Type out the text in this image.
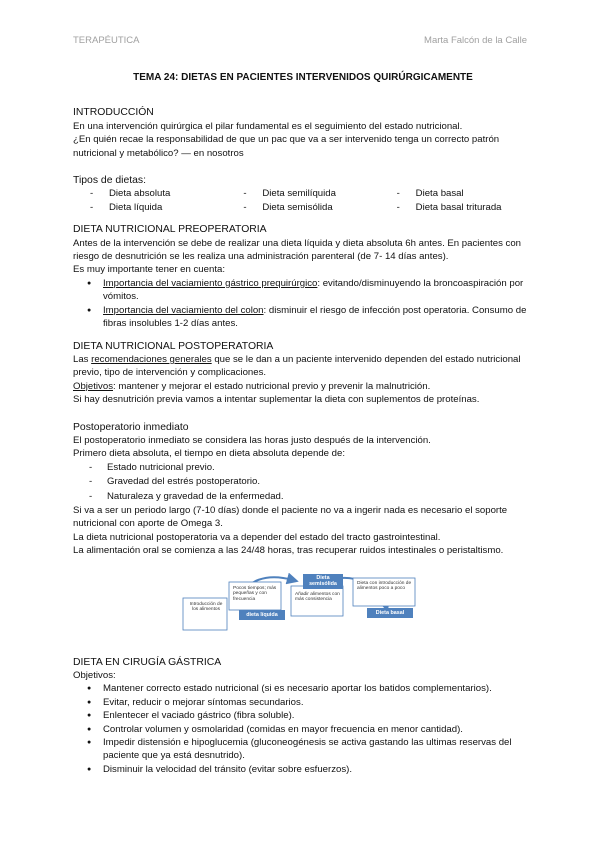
TERAPÉUTICA	Marta Falcón de la Calle

TEMA 24: DIETAS EN PACIENTES INTERVENIDOS QUIRÚRGICAMENTE

INTRODUCCIÓN

En una intervención quirúrgica el pilar fundamental es el seguimiento del estado nutricional.

¿En quién recae la responsabilidad de que un pac que va a ser intervenido tenga un correcto patrón nutricional y metabólico? — en nosotros

Tipos de dietas:
- Dieta absoluta
- Dieta líquida
- Dieta semilíquida
- Dieta semisólida
- Dieta basal
- Dieta basal triturada
DIETA NUTRICIONAL PREOPERATORIA

Antes de la intervención se debe de realizar una dieta líquida y dieta absoluta 6h antes. En pacientes con riesgo de desnutrición se les realiza una administración parenteral (de 7- 14 días antes).

Es muy importante tener en cuenta:

● Importancia del vaciamiento gástrico prequirúrgico: evitando/disminuyendo la broncoaspiración por vómitos.
● Importancia del vaciamiento del colon: disminuir el riesgo de infección post operatoria. Consumo de fibras insolubles 1-2 días antes.
DIETA NUTRICIONAL POSTOPERATORIA

Las recomendaciones generales que se le dan a un paciente intervenido dependen del estado nutricional previo, tipo de intervención y complicaciones.

Objetivos: mantener y mejorar el estado nutricional previo y prevenir la malnutrición.

Si hay desnutrición previa vamos a intentar suplementar la dieta con suplementos de proteínas.

Postoperatorio inmediato

El postoperatorio inmediato se considera las horas justo después de la intervención.

Primero dieta absoluta, el tiempo en dieta absoluta depende de:

- Estado nutricional previo.
- Gravedad del estrés postoperatorio.
- Naturaleza y gravedad de la enfermedad.

Si va a ser un periodo largo (7-10 días) donde el paciente no va a ingerir nada es necesario el soporte nutricional con aporte de Omega 3.

La dieta nutricional postoperatoria va a depender del estado del tracto gastrointestinal.

La alimentación oral se comienza a las 24/48 horas, tras recuperar ruidos intestinales o peristaltismo.

Introducción de los alimentos
Pocos tiempos; más pequeñas y con frecuencia
dieta líquida
Dieta semisólida
Añadir alimentos con más consistencia
Dieta con introducción de alimentos poco a poco
Dieta basal
DIETA EN CIRUGÍA GÁSTRICA

Objetivos:

● Mantener correcto estado nutricional (si es necesario aportar los batidos complementarios).
● Evitar, reducir o mejorar síntomas secundarios.
● Enlentecer el vaciado gástrico (fibra soluble).
● Controlar volumen y osmolaridad (comidas en mayor frecuencia en menor cantidad).
● Impedir distensión e hipoglucemia (gluconeogénesis se activa gastando las ultimas reservas del paciente que ya está desnutrido).
● Disminuir la velocidad del tránsito (evitar sobre esfuerzos).
